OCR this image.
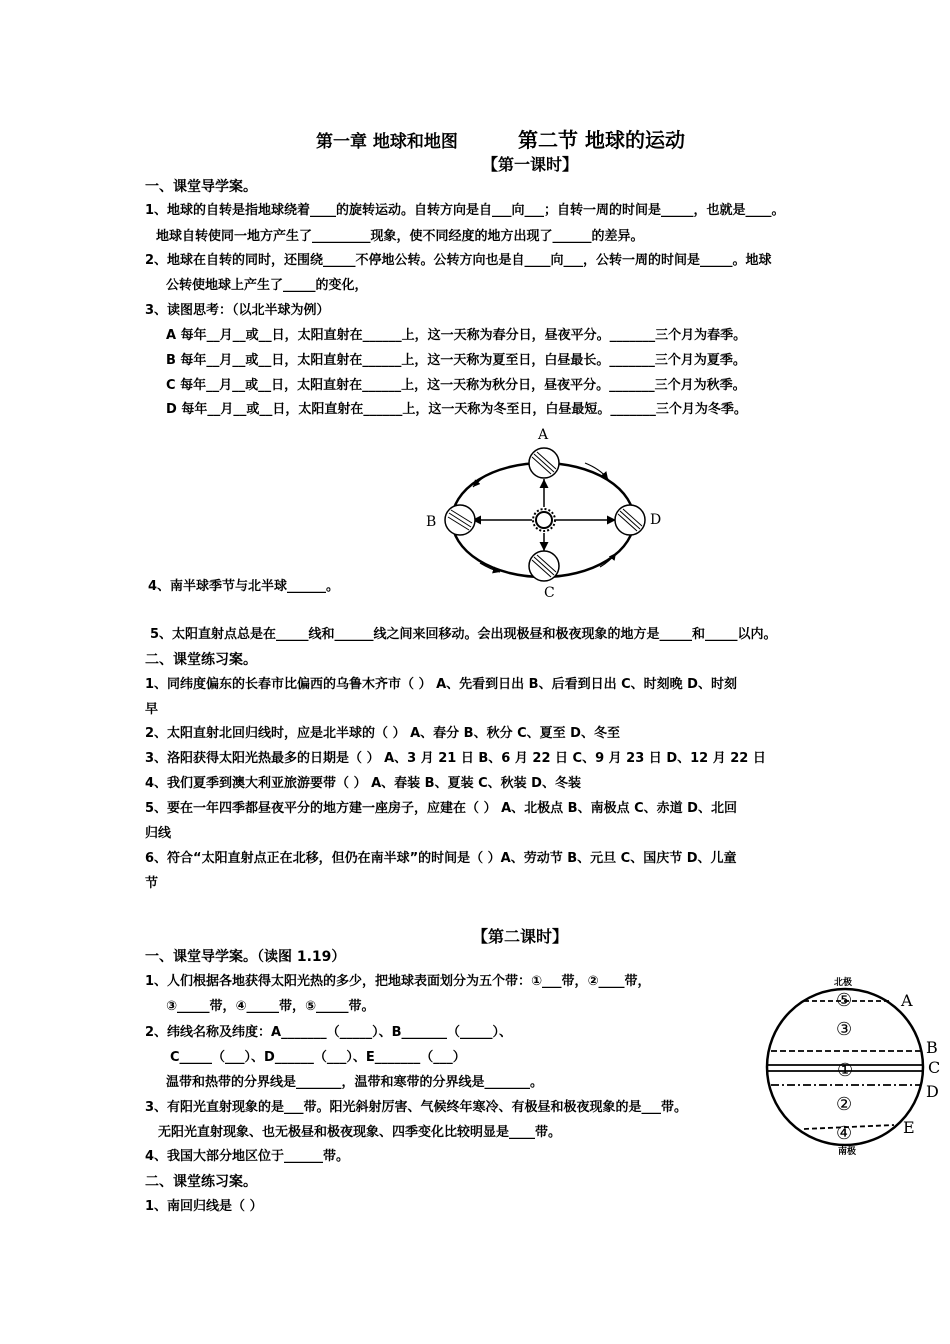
第一章 地球和地图	第二节 地球的运动
【第一课时】
一、课堂导学案。
1、地球的自转是指地球绕着____的旋转运动。自转方向是自___向___；自转一周的时间是_____，也就是____。
地球自转使同一地方产生了_________现象，使不同经度的地方出现了______的差异。
2、地球在自转的同时，还围绕_____不停地公转。公转方向也是自____向___，公转一周的时间是_____。地球
公转使地球上产生了_____的变化，
3、读图思考：（以北半球为例）
A 每年__月__或__日，太阳直射在______上，这一天称为春分日，昼夜平分。_______三个月为春季。
B 每年__月__或__日，太阳直射在______上，这一天称为夏至日，白昼最长。_______三个月为夏季。
C 每年__月__或__日，太阳直射在______上，这一天称为秋分日，昼夜平分。_______三个月为秋季。
D 每年__月__或__日，太阳直射在______上，这一天称为冬至日，白昼最短。_______三个月为冬季。
4、南半球季节与北半球______。
5、太阳直射点总是在_____线和______线之间来回移动。会出现极昼和极夜现象的地方是_____和_____以内。
A
B
C
D
二、课堂练习案。
1、同纬度偏东的长春市比偏西的乌鲁木齐市（ ） A、先看到日出 B、后看到日出 C、时刻晚 D、时刻
早
2、太阳直射北回归线时，应是北半球的（ ） A、春分 B、秋分 C、夏至 D、冬至
3、洛阳获得太阳光热最多的日期是（ ） A、3 月 21 日 B、6 月 22 日 C、9 月 23 日 D、12 月 22 日
4、我们夏季到澳大利亚旅游要带（ ） A、春装 B、夏装 C、秋装 D、冬装
5、要在一年四季都昼夜平分的地方建一座房子，应建在（ ） A、北极点 B、南极点 C、赤道 D、北回
归线
6、符合“太阳直射点正在北移，但仍在南半球”的时间是（ ）A、劳动节 B、元旦 C、国庆节 D、儿童
节
【第二课时】
一、课堂导学案。（读图 1.19）
1、人们根据各地获得太阳光热的多少，把地球表面划分为五个带：①___带，②____带，
③_____带，④_____带，⑤_____带。
2、纬线名称及纬度：A_______（_____）、B_______（_____）、
C_____（___）、D______（___）、E_______（___）
温带和热带的分界线是_______，温带和寒带的分界线是_______。
3、有阳光直射现象的是___带。阳光斜射厉害、气候终年寒冷、有极昼和极夜现象的是___带。
无阳光直射现象、也无极昼和极夜现象、四季变化比较明显是____带。
4、我国大部分地区位于______带。
二、课堂练习案。
1、南回归线是（ ）
北极
南极
⑤
③
①
②
④
A
B
C
D
E
